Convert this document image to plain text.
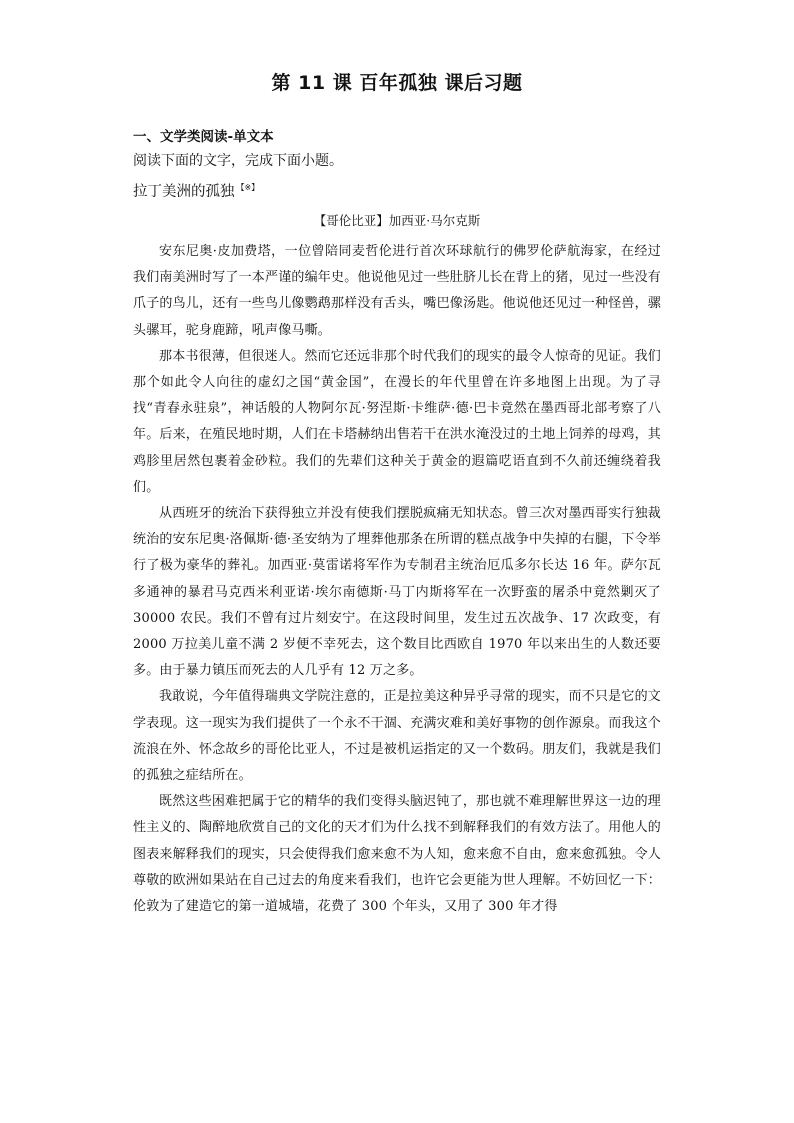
第 11 课 百年孤独 课后习题
一、文学类阅读-单文本
阅读下面的文字，完成下面小题。
拉丁美洲的孤独 【※】
【哥伦比亚】加西亚·马尔克斯

安东尼奥·皮加费塔，一位曾陪同麦哲伦进行首次环球航行的佛罗伦萨航海家，在经过我们南美洲时写了一本严谨的编年史。他说他见过一些肚脐儿长在背上的猪，见过一些没有爪子的鸟儿，还有一些鸟儿像鹦鹉那样没有舌头，嘴巴像汤匙。他说他还见过一种怪兽，骡头骡耳，驼身鹿蹄，吼声像马嘶。

那本书很薄，但很迷人。然而它还远非那个时代我们的现实的最令人惊奇的见证。我们那个如此令人向往的虚幻之国“黄金国”，在漫长的年代里曾在许多地图上出现。为了寻找“青春永驻泉”，神话般的人物阿尔瓦·努涅斯·卡维萨·德·巴卡竟然在墨西哥北部考察了八年。后来，在殖民地时期，人们在卡塔赫纳出售若干在洪水淹没过的土地上饲养的母鸡，其鸡胗里居然包裹着金砂粒。我们的先辈们这种关于黄金的遐篇呓语直到不久前还缠绕着我们。

从西班牙的统治下获得独立并没有使我们摆脱疯痛无知状态。曾三次对墨西哥实行独裁统治的安东尼奥·洛佩斯·德·圣安纳为了埋葬他那条在所谓的糕点战争中失掉的右腿，下令举行了极为豪华的葬礼。加西亚·莫雷诺将军作为专制君主统治厄瓜多尔长达 16 年。萨尔瓦多通神的暴君马克西米利亚诺·埃尔南德斯·马丁内斯将军在一次野蛮的屠杀中竟然剿灭了 30000 农民。我们不曾有过片刻安宁。在这段时间里，发生过五次战争、17 次政变，有 2000 万拉美儿童不满 2 岁便不幸死去，这个数目比西欧自 1970 年以来出生的人数还要多。由于暴力镇压而死去的人几乎有 12 万之多。

我敢说，今年值得瑞典文学院注意的，正是拉美这种异乎寻常的现实，而不只是它的文学表现。这一现实为我们提供了一个永不干涸、充满灾难和美好事物的创作源泉。而我这个流浪在外、怀念故乡的哥伦比亚人，不过是被机运指定的又一个数码。朋友们，我就是我们的孤独之症结所在。

既然这些困难把属于它的精华的我们变得头脑迟钝了，那也就不难理解世界这一边的理性主义的、陶醉地欣赏自己的文化的天才们为什么找不到解释我们的有效方法了。用他人的图表来解释我们的现实，只会使得我们愈来愈不为人知，愈来愈不自由，愈来愈孤独。令人尊敬的欧洲如果站在自己过去的角度来看我们，也许它会更能为世人理解。不妨回忆一下：伦敦为了建造它的第一道城墙，花费了 300 个年头，又用了 300 年才得
